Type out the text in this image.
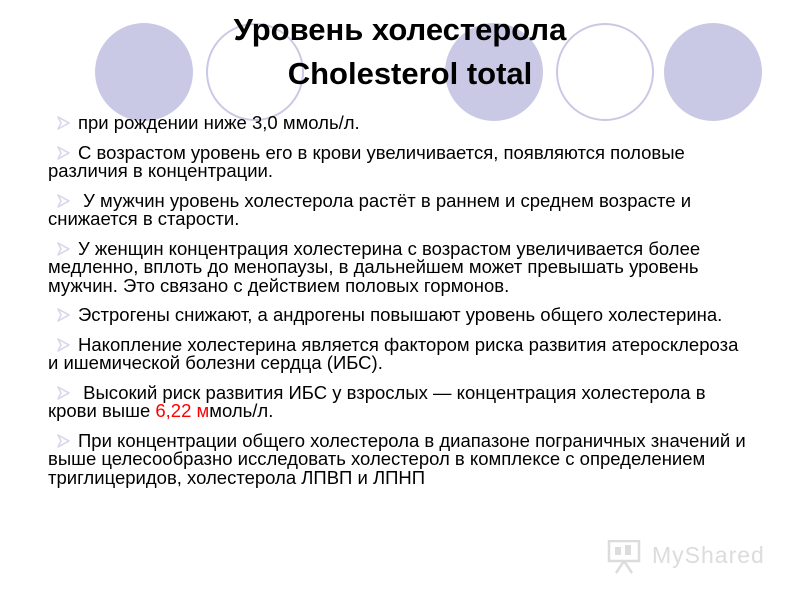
Уровень холестерола
Cholesterol total
при рождении ниже 3,0 ммоль/л.
С возрастом уровень его в крови увеличивается, появляются половые различия в концентрации.
У мужчин уровень холестерола растёт в раннем и среднем возрасте и снижается в старости.
У женщин концентрация холестерина с возрастом увеличивается более медленно, вплоть до менопаузы, в дальнейшем может превышать уровень мужчин. Это связано с действием половых гормонов.
Эстрогены снижают, а андрогены повышают уровень общего холестерина.
Накопление холестерина является фактором риска развития атеросклероза и ишемической болезни сердца (ИБС).
Высокий риск развития ИБС у взрослых — концентрация холестерола в крови выше 6,22 ммоль/л.
При концентрации общего холестерола в диапазоне пограничных значений и выше целесообразно исследовать холестерол в комплексе с определением триглицеридов, холестерола ЛПВП и ЛПНП
MyShared
